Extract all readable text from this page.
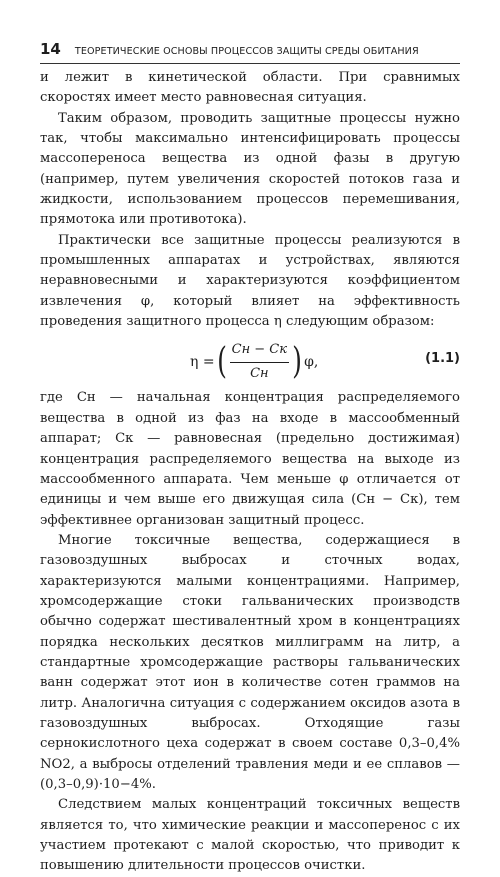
14 ТЕОРЕТИЧЕСКИЕ ОСНОВЫ ПРОЦЕССОВ ЗАЩИТЫ СРЕДЫ ОБИТАНИЯ

и лежит в кинетической области. При сравнимых скоростях имеет место равновесная ситуация.

Таким образом, проводить защитные процессы нужно так, чтобы максимально интенсифицировать процессы массопереноса вещества из одной фазы в другую (например, путем увеличения скоростей потоков газа и жидкости, использованием процессов перемешивания, прямотока или противотока).

Практически все защитные процессы реализуются в промышленных аппаратах и устройствах, являются неравновесными и характеризуются коэффициентом извлечения φ, который влияет на эффективность проведения защитного процесса η следующим образом:

η = ( $\frac{Cн - Cк}{Cн}$ ) φ,	(1.1)

где Cн — начальная концентрация распределяемого вещества в одной из фаз на входе в массообменный аппарат; Cк — равновесная (предельно достижимая) концентрация распределяемого вещества на выходе из массообменного аппарата. Чем меньше φ отличается от единицы и чем выше его движущая сила (Cн − Cк), тем эффективнее организован защитный процесс.

Многие токсичные вещества, содержащиеся в газовоздушных выбросах и сточных водах, характеризуются малыми концентрациями. Например, хромсодержащие стоки гальванических производств обычно содержат шестивалентный хром в концентрациях порядка нескольких десятков миллиграмм на литр, а стандартные хромсодержащие растворы гальванических ванн содержат этот ион в количестве сотен граммов на литр. Аналогична ситуация с содержанием оксидов азота в газовоздушных выбросах. Отходящие газы сернокислотного цеха содержат в своем составе 0,3–0,4% NO2, а выбросы отделений травления меди и ее сплавов — (0,3–0,9)·10−4%.

Следствием малых концентраций токсичных веществ является то, что химические реакции и массоперенос с их участием протекают с малой скоростью, что приводит к повышению длительности процессов очистки.
